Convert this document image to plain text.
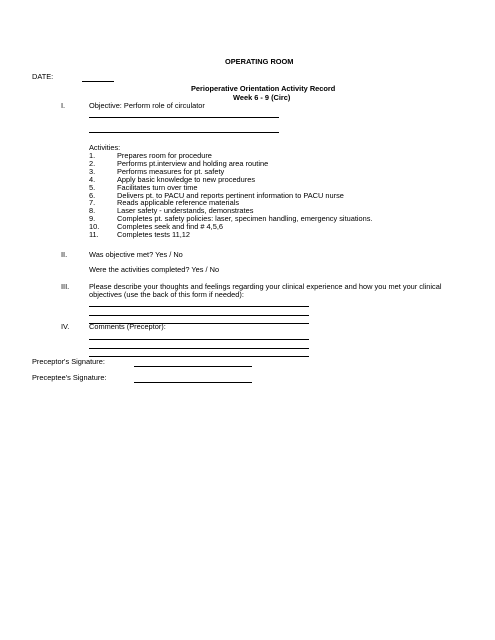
OPERATING ROOM
DATE:
Perioperative Orientation Activity Record
Week 6 - 9 (Circ)
I.	Objective: Perform role of circulator
Activities:
1.	Prepares room for procedure
2.	Performs pt.interview and holding area routine
3.	Performs measures for pt. safety
4.	Apply basic knowledge to new procedures
5.	Facilitates turn over time
6.	Delivers pt. to PACU and reports pertinent information to PACU nurse
7.	Reads applicable reference materials
8.	Laser safety - understands, demonstrates
9.	Completes pt. safety policies: laser, specimen handling, emergency situations.
10. Completes seek and find # 4,5,6
11. Completes tests 11,12
II.	Was objective met? Yes / No
Were the activities completed? Yes / No
III.	Please describe your thoughts and feelings regarding your clinical experience and how you met your clinical
objectives (use the back of this form if needed):
IV.	Comments (Preceptor):
Preceptor's Signature:
Preceptee's Signature:
